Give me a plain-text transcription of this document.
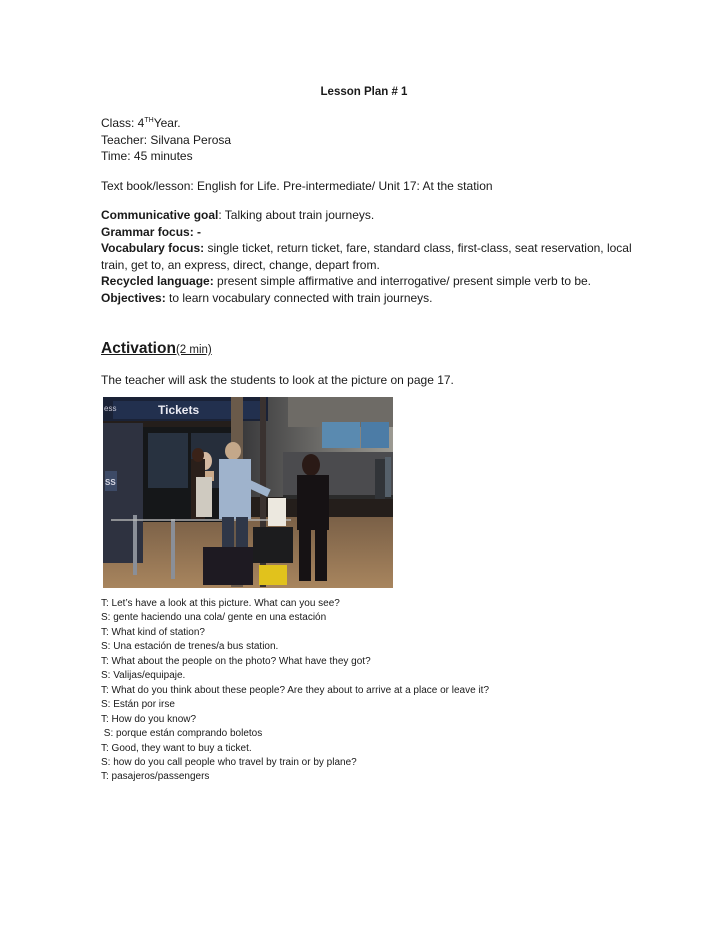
Lesson Plan # 1
Class: 4THYear.
Teacher: Silvana Perosa
Time: 45 minutes
Text book/lesson: English for Life. Pre-intermediate/ Unit 17: At the station
Communicative goal: Talking about train journeys.
Grammar focus: -
Vocabulary focus: single ticket, return ticket, fare, standard class, first-class, seat reservation, local
train, get to, an express, direct, change, depart from.
Recycled language: present simple affirmative and interrogative/ present simple verb to be.
Objectives: to learn vocabulary connected with train journeys.
Activation(2 min)
The teacher will ask the students to look at the picture on page 17.
Tickets
ess
SS
T: Let’s have a look at this picture. What can you see?
S: gente haciendo una cola/ gente en una estación
T: What kind of station?
S: Una estación de trenes/a bus station.
T: What about the people on the photo? What have they got?
S: Valijas/equipaje.
T: What do you think about these people? Are they about to arrive at a place or leave it?
S: Están por irse
T: How do you know?
S: porque están comprando boletos
T: Good, they want to buy a ticket.
S: how do you call people who travel by train or by plane?
T: pasajeros/passengers
